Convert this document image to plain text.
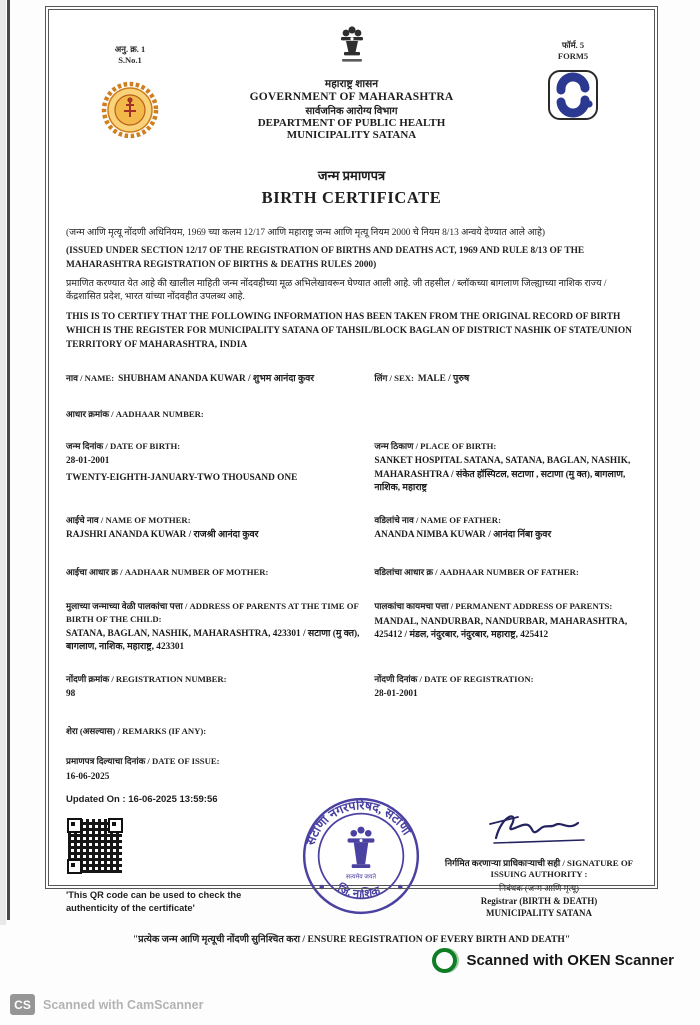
अनु. क्र. 1
S.No.1
महाराष्ट्र शासन
GOVERNMENT OF MAHARASHTRA
सार्वजनिक आरोग्य विभाग
DEPARTMENT OF PUBLIC HEALTH
MUNICIPALITY SATANA
फॉर्म. 5
FORM5
जन्म प्रमाणपत्र
BIRTH CERTIFICATE
(जन्म आणि मृत्यू नोंदणी अधिनियम, 1969 च्या कलम 12/17 आणि महाराष्ट्र जन्म आणि मृत्यू नियम 2000 चे नियम 8/13 अन्वये देण्यात आले आहे)
(ISSUED UNDER SECTION 12/17 OF THE REGISTRATION OF BIRTHS AND DEATHS ACT, 1969 AND RULE 8/13 OF THE MAHARASHTRA REGISTRATION OF BIRTHS & DEATHS RULES 2000)
प्रमाणित करण्यात येत आहे की खालील माहिती जन्म नोंदवहीच्या मूळ अभिलेखावरून घेण्यात आली आहे. जी तहसील / ब्लॉकच्या बागलाण जिल्ह्याच्या नाशिक राज्य / केंद्रशासित प्रदेश, भारत यांच्या नोंदवहीत उपलब्ध आहे.
THIS IS TO CERTIFY THAT THE FOLLOWING INFORMATION HAS BEEN TAKEN FROM THE ORIGINAL RECORD OF BIRTH WHICH IS THE REGISTER FOR MUNICIPALITY SATANA OF TAHSIL/BLOCK BAGLAN OF DISTRICT NASHIK OF STATE/UNION TERRITORY OF MAHARASHTRA, INDIA
नाव / NAME: SHUBHAM ANANDA KUWAR / शुभम आनंदा कुवर	लिंग / SEX: MALE / पुरुष
आधार क्रमांक / AADHAAR NUMBER:
जन्म दिनांक / DATE OF BIRTH:
28-01-2001
TWENTY-EIGHTH-JANUARY-TWO THOUSAND ONE
जन्म ठिकाण / PLACE OF BIRTH:
SANKET HOSPITAL SATANA, SATANA, BAGLAN, NASHIK, MAHARASHTRA / संकेत हॉस्पिटल, सटाणा , सटाणा (मु क्त), बागलाण, नाशिक, महाराष्ट्र
आईचे नाव / NAME OF MOTHER:
RAJSHRI ANANDA KUWAR / राजश्री आनंदा कुवर
वडिलांचे नाव / NAME OF FATHER:
ANANDA NIMBA KUWAR / आनंदा निंबा कुवर
आईचा आधार क्र / AADHAAR NUMBER OF MOTHER:	वडिलांचा आधार क्र / AADHAAR NUMBER OF FATHER:
मुलाच्या जन्माच्या वेळी पालकांचा पत्ता / ADDRESS OF PARENTS AT THE TIME OF BIRTH OF THE CHILD:
SATANA, BAGLAN, NASHIK, MAHARASHTRA, 423301 / सटाणा (मु क्त), बागलाण, नाशिक, महाराष्ट्र, 423301
पालकांचा कायमचा पत्ता / PERMANENT ADDRESS OF PARENTS:
MANDAL, NANDURBAR, NANDURBAR, MAHARASHTRA, 425412 / मंडल, नंदुरबार, नंदुरबार, महाराष्ट्र, 425412
नोंदणी क्रमांक / REGISTRATION NUMBER:
98
नोंदणी दिनांक / DATE OF REGISTRATION:
28-01-2001
शेरा (असल्यास) / REMARKS (IF ANY):
प्रमाणपत्र दिल्याचा दिनांक / DATE OF ISSUE:
16-06-2025
Updated On : 16-06-2025 13:59:56
'This QR code can be used to check the authenticity of the certificate'
सटाणा नगरपरिषद, सटाणा
जि. नाशिक
सत्यमेव जयते
निर्गमित करणाऱ्या प्राधिकाऱ्याची सही / SIGNATURE OF ISSUING AUTHORITY :
निबंधक (जन्म आणि मृत्यू)
Registrar (BIRTH & DEATH)
MUNICIPALITY SATANA
"प्रत्येक जन्म आणि मृत्यूची नोंदणी सुनिश्चित करा / ENSURE REGISTRATION OF EVERY BIRTH AND DEATH"
Scanned with OKEN Scanner
CS Scanned with CamScanner
